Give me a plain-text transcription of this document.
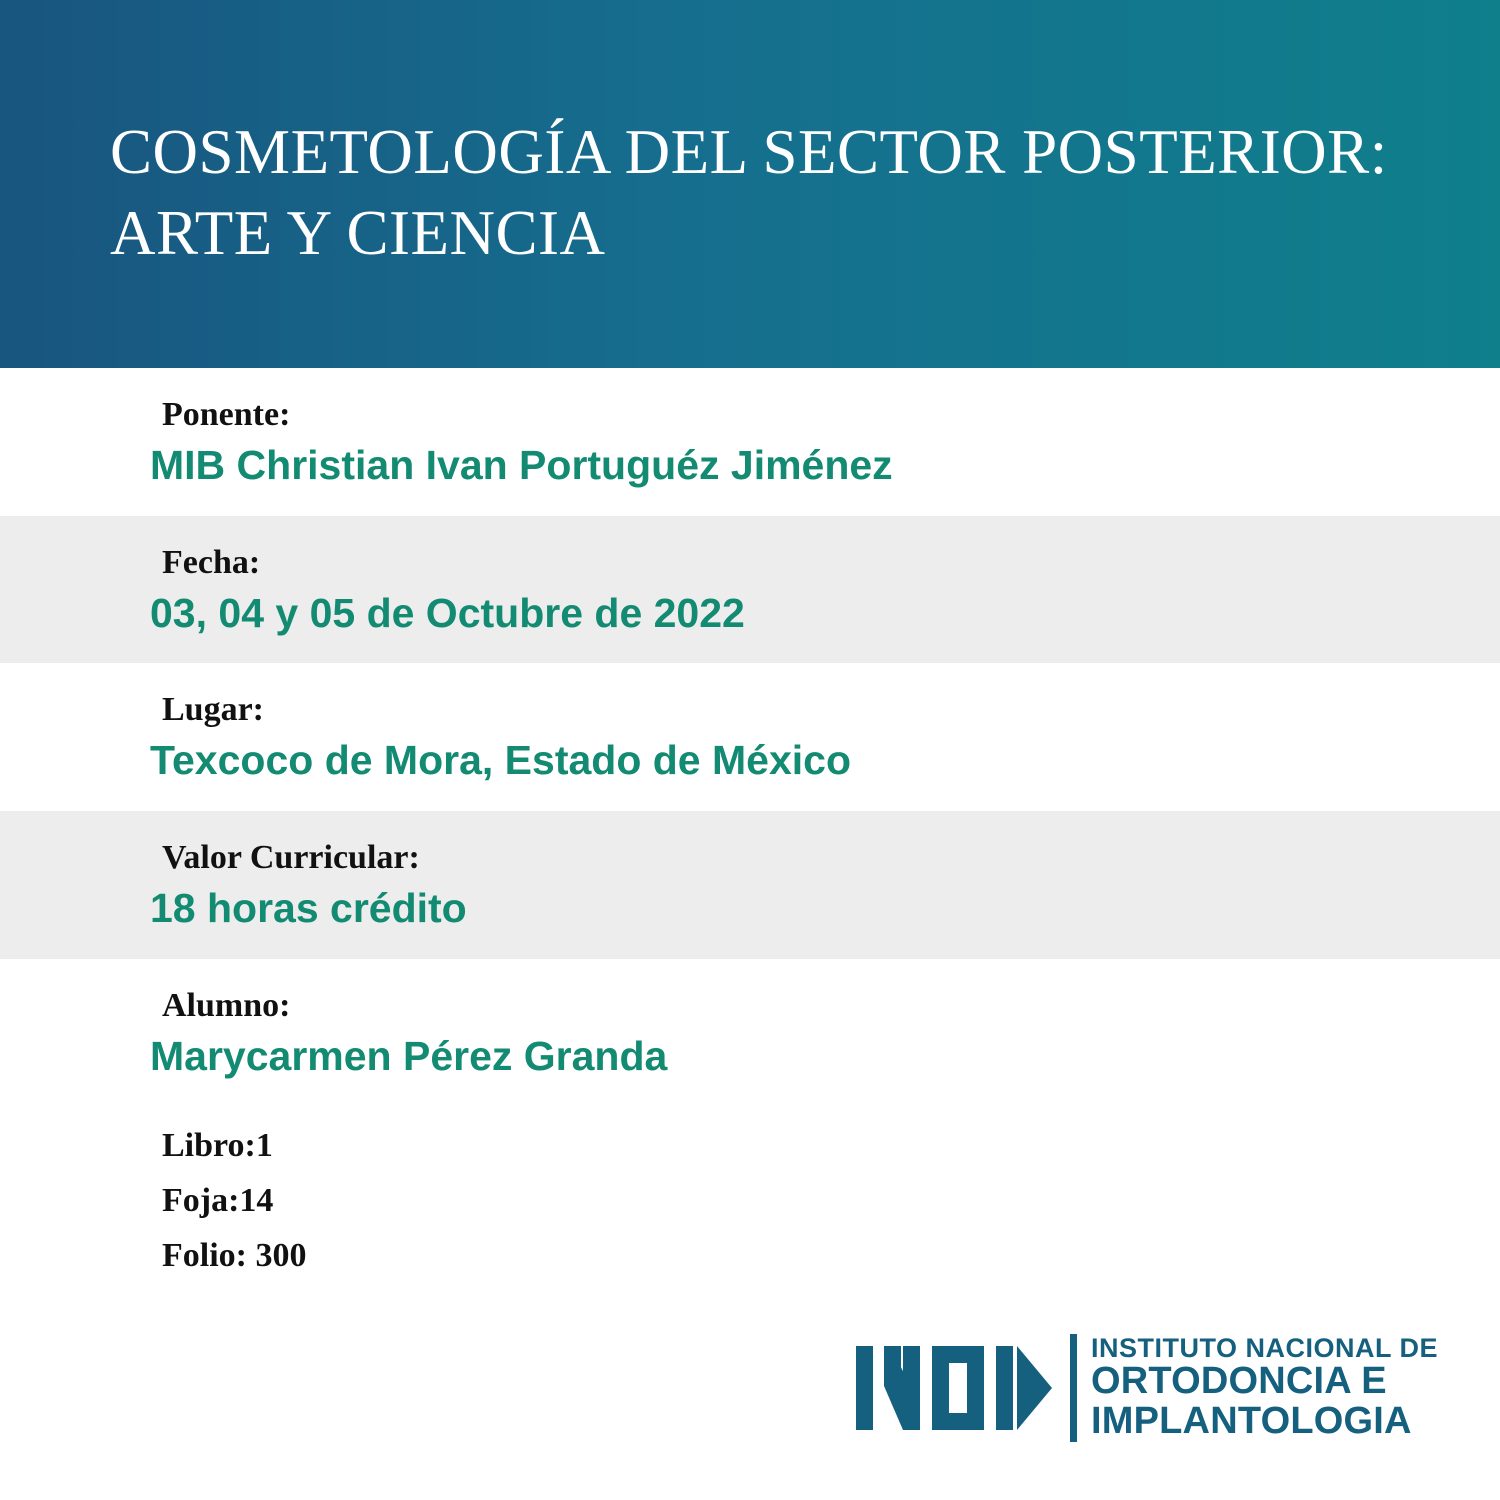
COSMETOLOGÍA DEL SECTOR POSTERIOR: ARTE Y CIENCIA
Ponente:
MIB Christian Ivan Portuguéz Jiménez
Fecha:
03, 04 y 05 de Octubre de 2022
Lugar:
Texcoco de Mora, Estado de México
Valor Curricular:
18 horas crédito
Alumno:
Marycarmen Pérez Granda
Libro:1
Foja:14
Folio: 300
INSTITUTO NACIONAL DE
ORTODONCIA E
IMPLANTOLOGIA
